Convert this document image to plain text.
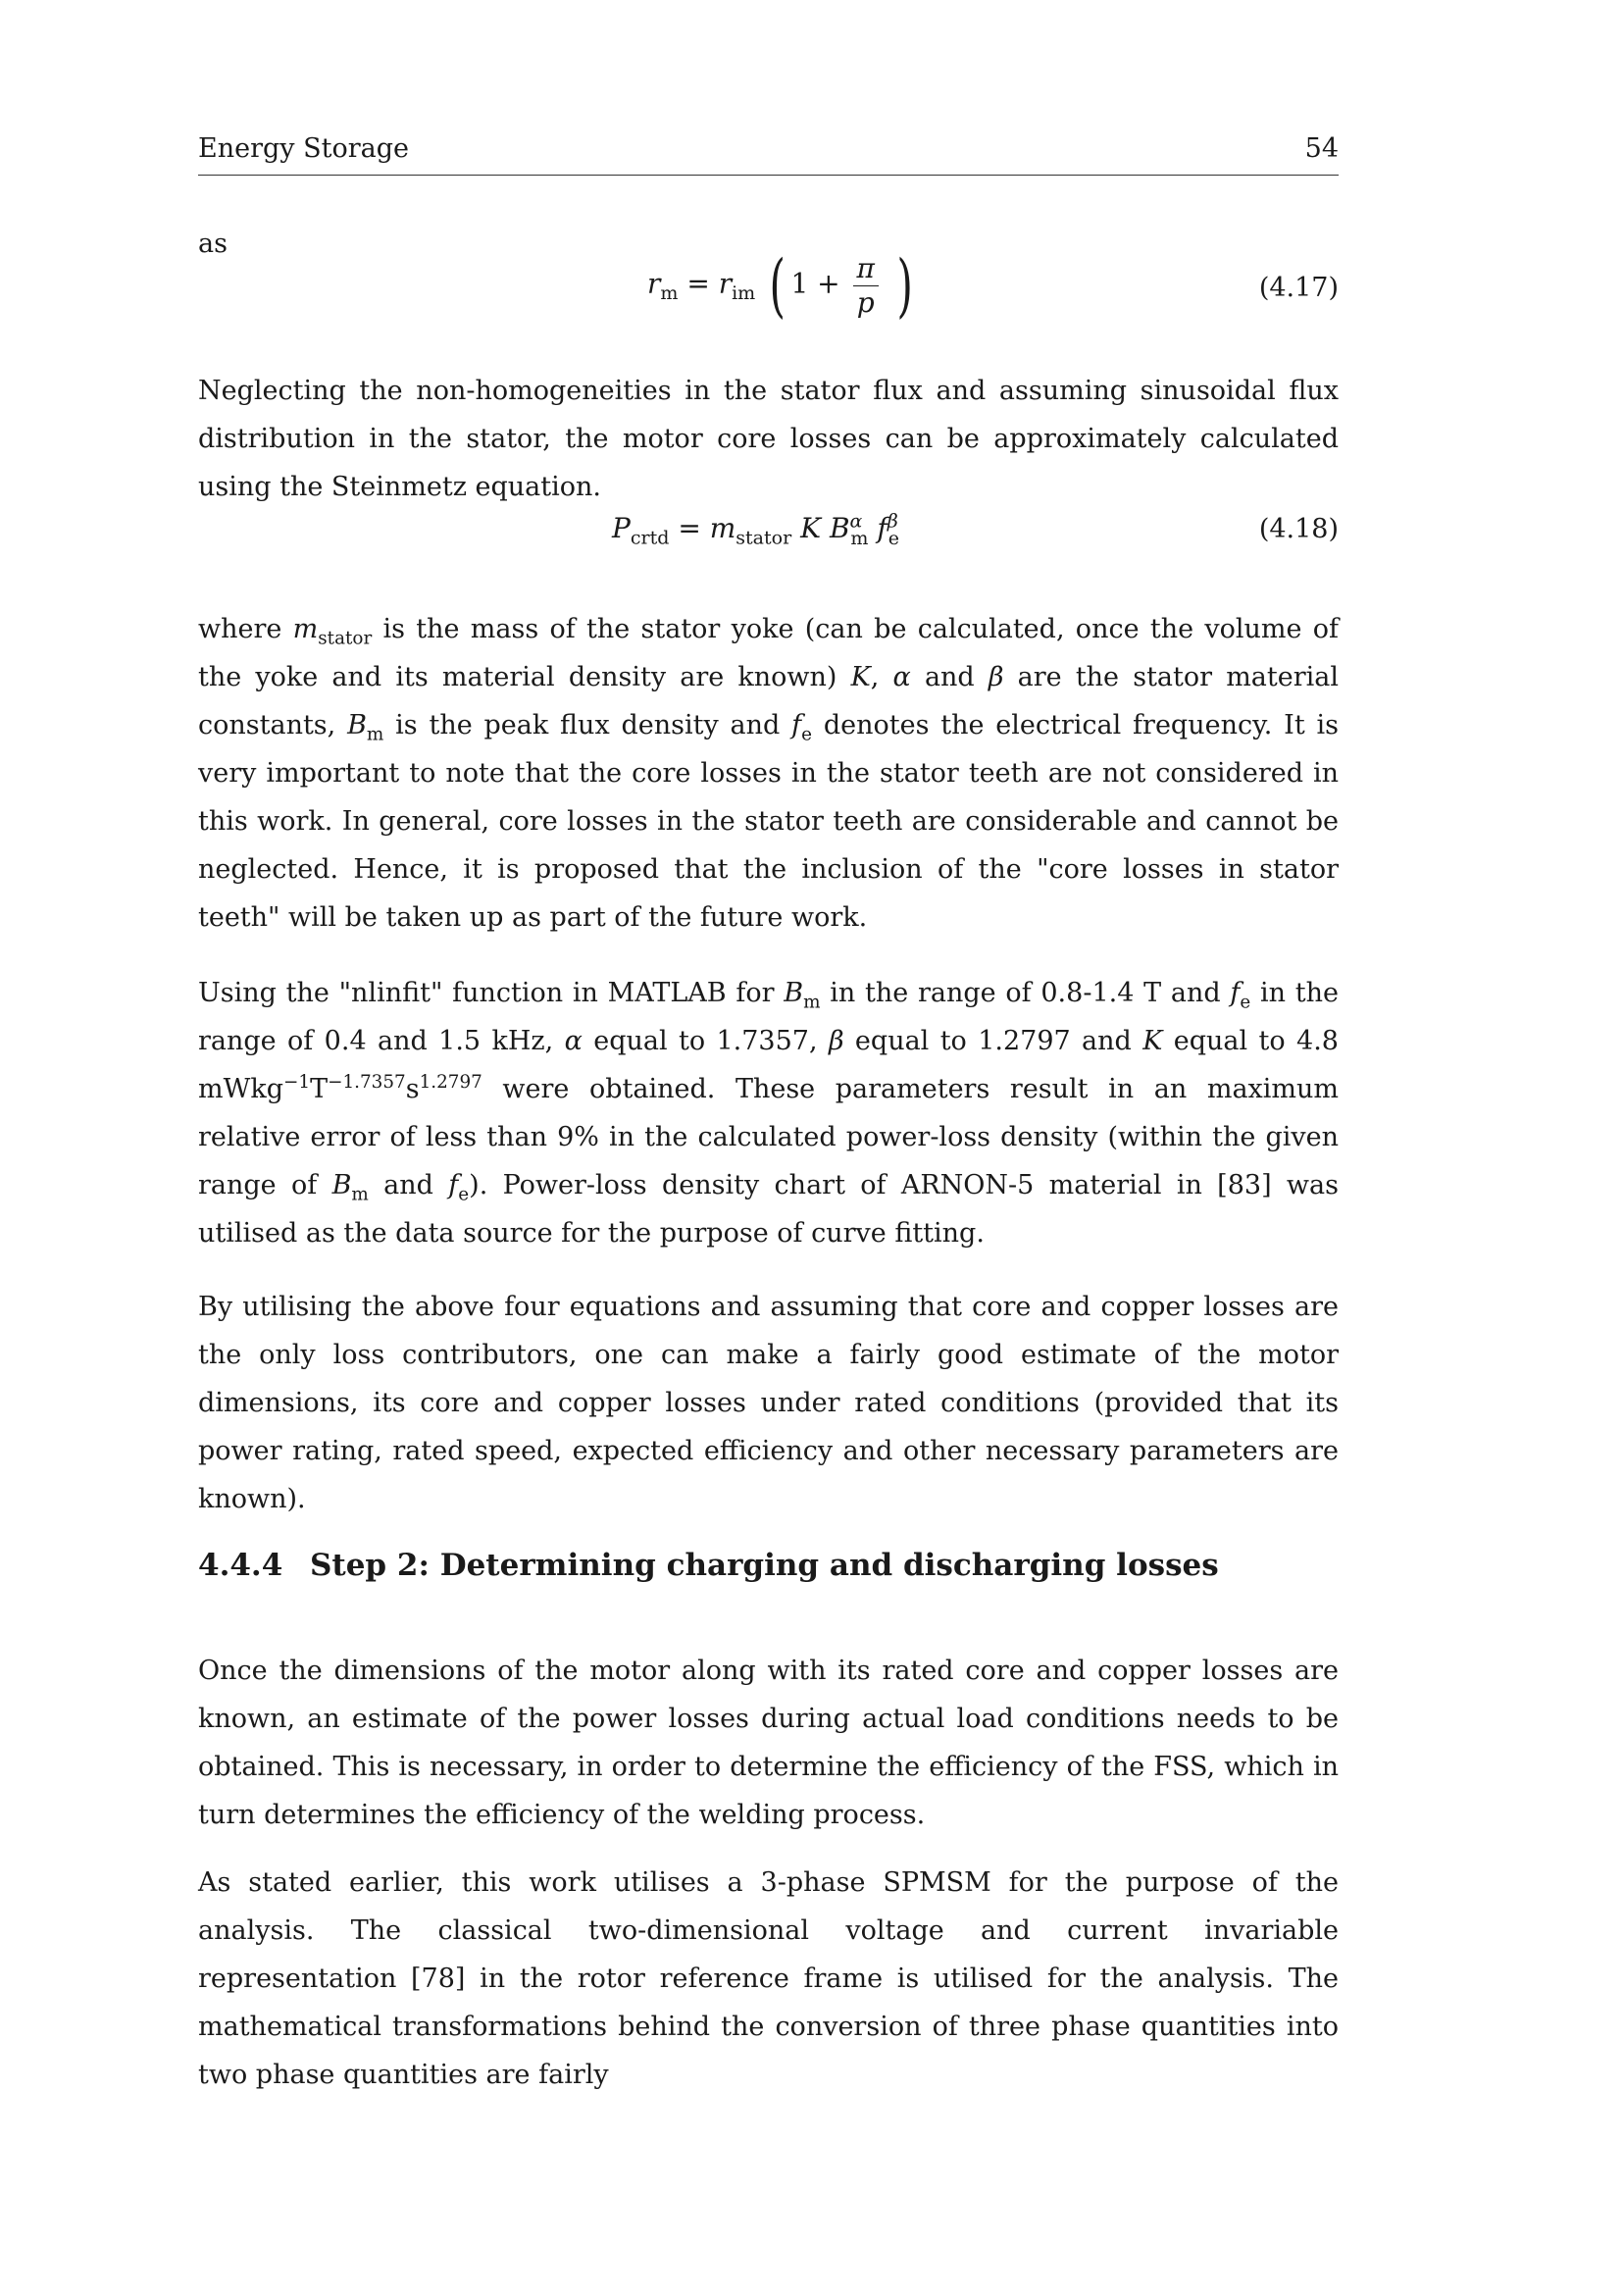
Energy Storage	54
as
$r_m = r_{im}$ ( $1 + \frac{\pi}{p}$ )	(4.17)
Neglecting the non-homogeneities in the stator flux and assuming sinusoidal flux distribution in the stator, the motor core losses can be approximately calculated using the Steinmetz equation.
$P_{crtd} = m_{stator}$ K $B^\alpha_m$ $f^\beta_e$	(4.18)
where $m_{stator}$ is the mass of the stator yoke (can be calculated, once the volume of the yoke and its material density are known) K, α and β are the stator material constants, $B_m$ is the peak flux density and $f_e$ denotes the electrical frequency. It is very important to note that the core losses in the stator teeth are not considered in this work. In general, core losses in the stator teeth are considerable and cannot be neglected. Hence, it is proposed that the inclusion of the "core losses in stator teeth" will be taken up as part of the future work.
Using the "nlinfit" function in MATLAB for $B_m$ in the range of 0.8-1.4 T and $f_e$ in the range of 0.4 and 1.5 kHz, α equal to 1.7357, β equal to 1.2797 and K equal to 4.8 $mWkg^{-1}T^{-1.7357}s^{1.2797}$ were obtained. These parameters result in an maximum relative error of less than 9% in the calculated power-loss density (within the given range of $B_m$ and $f_e$). Power-loss density chart of ARNON-5 material in [83] was utilised as the data source for the purpose of curve fitting.
By utilising the above four equations and assuming that core and copper losses are the only loss contributors, one can make a fairly good estimate of the motor dimensions, its core and copper losses under rated conditions (provided that its power rating, rated speed, expected efficiency and other necessary parameters are known).
4.4.4 Step 2: Determining charging and discharging losses
Once the dimensions of the motor along with its rated core and copper losses are known, an estimate of the power losses during actual load conditions needs to be obtained. This is necessary, in order to determine the efficiency of the FSS, which in turn determines the efficiency of the welding process.
As stated earlier, this work utilises a 3-phase SPMSM for the purpose of the analysis. The classical two-dimensional voltage and current invariable representation [78] in the rotor reference frame is utilised for the analysis. The mathematical transformations behind the conversion of three phase quantities into two phase quantities are fairly
